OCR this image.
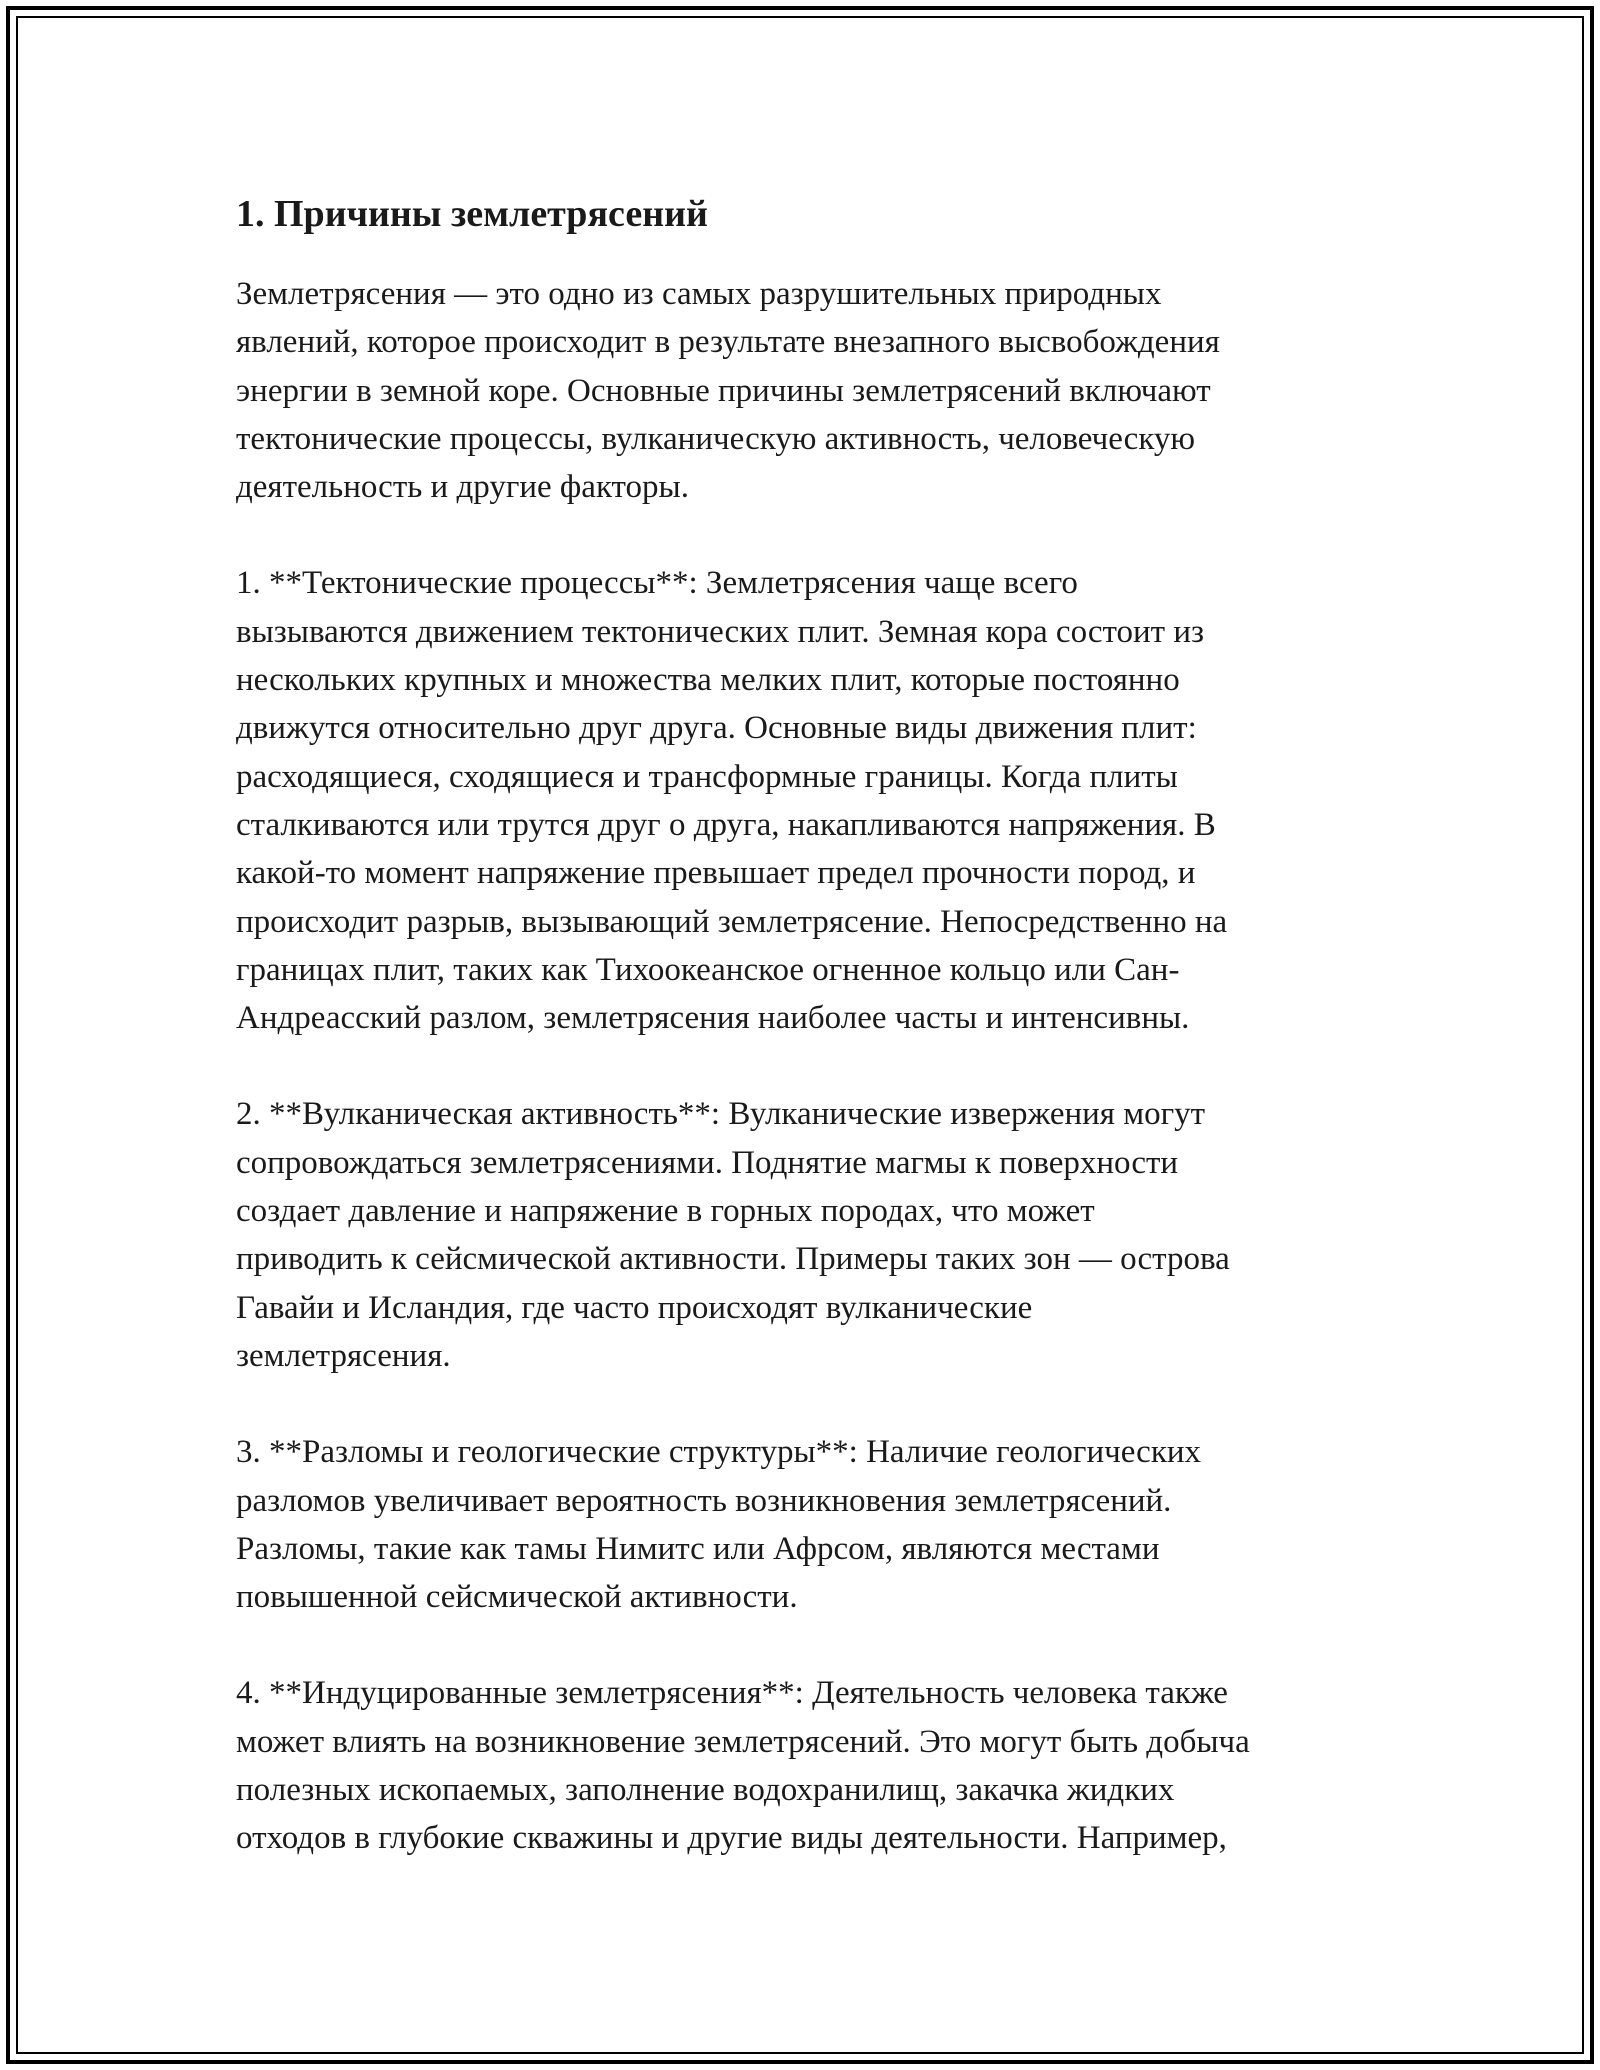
1. Причины землетрясений

Землетрясения — это одно из самых разрушительных природных
явлений, которое происходит в результате внезапного высвобождения
энергии в земной коре. Основные причины землетрясений включают
тектонические процессы, вулканическую активность, человеческую
деятельность и другие факторы.

1. **Тектонические процессы**: Землетрясения чаще всего
вызываются движением тектонических плит. Земная кора состоит из
нескольких крупных и множества мелких плит, которые постоянно
движутся относительно друг друга. Основные виды движения плит:
расходящиеся, сходящиеся и трансформные границы. Когда плиты
сталкиваются или трутся друг о друга, накапливаются напряжения. В
какой-то момент напряжение превышает предел прочности пород, и
происходит разрыв, вызывающий землетрясение. Непосредственно на
границах плит, таких как Тихоокеанское огненное кольцо или Сан-
Андреасский разлом, землетрясения наиболее часты и интенсивны.

2. **Вулканическая активность**: Вулканические извержения могут
сопровождаться землетрясениями. Поднятие магмы к поверхности
создает давление и напряжение в горных породах, что может
приводить к сейсмической активности. Примеры таких зон — острова
Гавайи и Исландия, где часто происходят вулканические
землетрясения.

3. **Разломы и геологические структуры**: Наличие геологических
разломов увеличивает вероятность возникновения землетрясений.
Разломы, такие как тамы Нимитс или Афрсом, являются местами
повышенной сейсмической активности.

4. **Индуцированные землетрясения**: Деятельность человека также
может влиять на возникновение землетрясений. Это могут быть добыча
полезных ископаемых, заполнение водохранилищ, закачка жидких
отходов в глубокие скважины и другие виды деятельности. Например,
